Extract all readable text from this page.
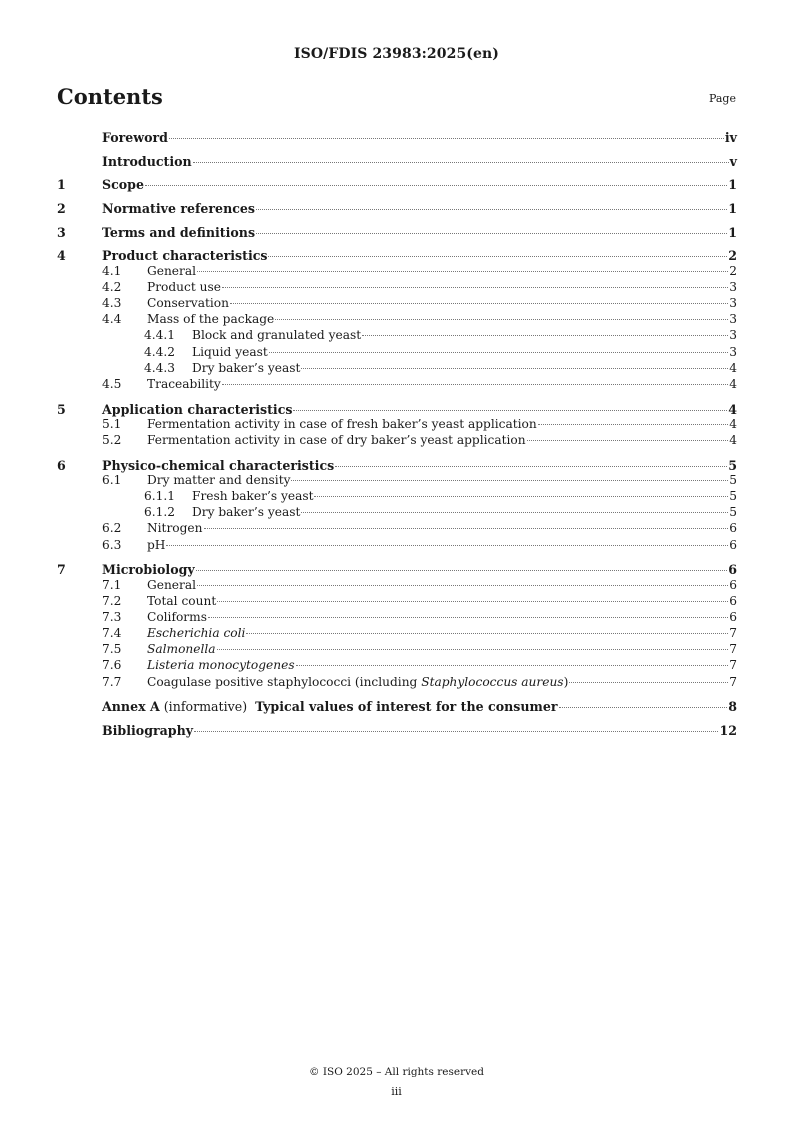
ISO/FDIS 23983:2025(en)
Contents	Page
Foreword	iv
Introduction	v
1	Scope	1
2	Normative references	1
3	Terms and definitions	1
4	Product characteristics	2
4.1	General	2
4.2	Product use	3
4.3	Conservation	3
4.4	Mass of the package	3
4.4.1	Block and granulated yeast	3
4.4.2	Liquid yeast	3
4.4.3	Dry baker’s yeast	4
4.5	Traceability	4
5	Application characteristics	4
5.1	Fermentation activity in case of fresh baker’s yeast application	4
5.2	Fermentation activity in case of dry baker’s yeast application	4
6	Physico-chemical characteristics	5
6.1	Dry matter and density	5
6.1.1	Fresh baker’s yeast	5
6.1.2	Dry baker’s yeast	5
6.2	Nitrogen	6
6.3	pH	6
7	Microbiology	6
7.1	General	6
7.2	Total count	6
7.3	Coliforms	6
7.4	Escherichia coli	7
7.5	Salmonella	7
7.6	Listeria monocytogenes	7
7.7	Coagulase positive staphylococci (including Staphylococcus aureus)	7
Annex A (informative)  Typical values of interest for the consumer	8
Bibliography	12
© ISO 2025 – All rights reserved
iii
